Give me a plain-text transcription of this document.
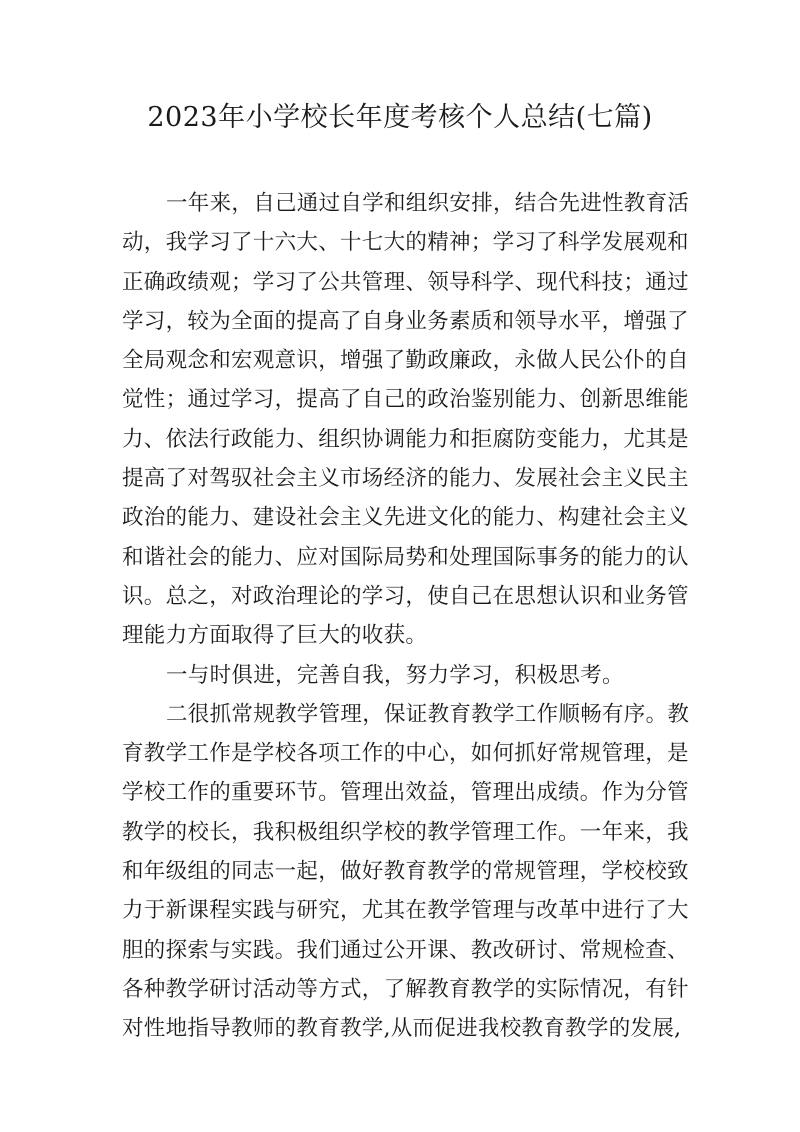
2023年小学校长年度考核个人总结(七篇)
一年来，自己通过自学和组织安排，结合先进性教育活
动，我学习了十六大、十七大的精神；学习了科学发展观和
正确政绩观；学习了公共管理、领导科学、现代科技；通过
学习，较为全面的提高了自身业务素质和领导水平，增强了
全局观念和宏观意识，增强了勤政廉政，永做人民公仆的自
觉性；通过学习，提高了自己的政治鉴别能力、创新思维能
力、依法行政能力、组织协调能力和拒腐防变能力，尤其是
提高了对驾驭社会主义市场经济的能力、发展社会主义民主
政治的能力、建设社会主义先进文化的能力、构建社会主义
和谐社会的能力、应对国际局势和处理国际事务的能力的认
识。总之，对政治理论的学习，使自己在思想认识和业务管
理能力方面取得了巨大的收获。
一与时俱进，完善自我，努力学习，积极思考。
二很抓常规教学管理，保证教育教学工作顺畅有序。教
育教学工作是学校各项工作的中心，如何抓好常规管理，是
学校工作的重要环节。管理出效益，管理出成绩。作为分管
教学的校长，我积极组织学校的教学管理工作。一年来，我
和年级组的同志一起，做好教育教学的常规管理，学校校致
力于新课程实践与研究，尤其在教学管理与改革中进行了大
胆的探索与实践。我们通过公开课、教改研讨、常规检查、
各种教学研讨活动等方式，了解教育教学的实际情况，有针
对性地指导教师的教育教学,从而促进我校教育教学的发展,
